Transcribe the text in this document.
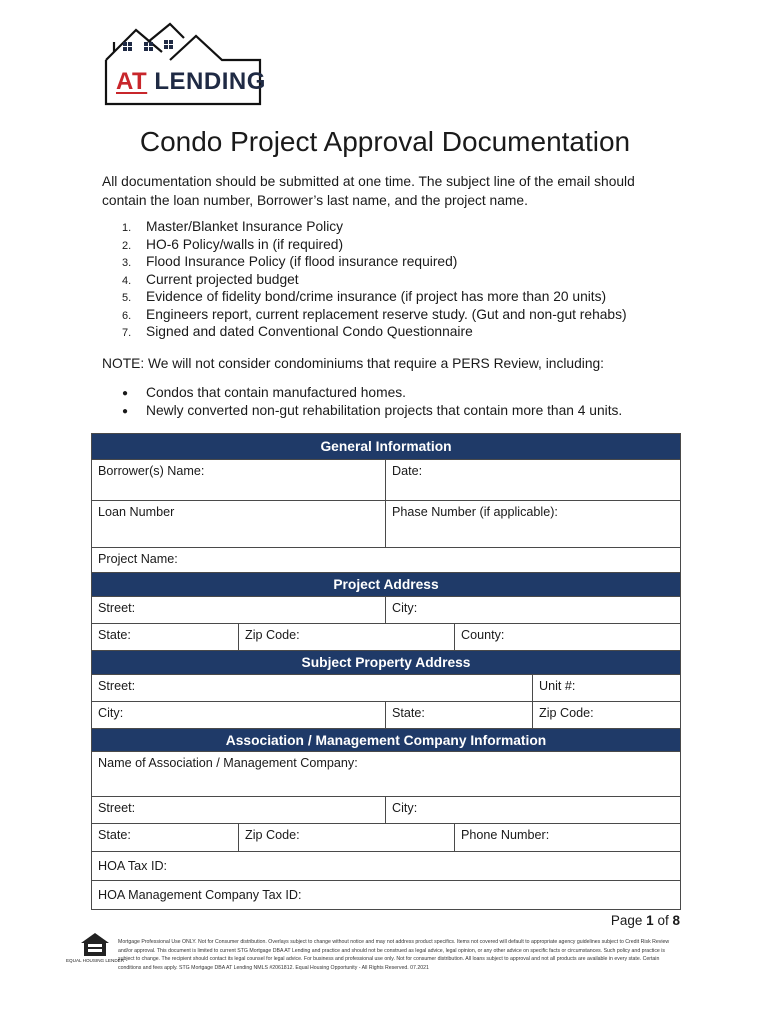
AT LENDING
Condo Project Approval Documentation
All documentation should be submitted at one time. The subject line of the email should contain the loan number, Borrower’s last name, and the project name.
1. Master/Blanket Insurance Policy
2. HO-6 Policy/walls in (if required)
3. Flood Insurance Policy (if flood insurance required)
4. Current projected budget
5. Evidence of fidelity bond/crime insurance (if project has more than 20 units)
6. Engineers report, current replacement reserve study. (Gut and non-gut rehabs)
7. Signed and dated Conventional Condo Questionnaire
NOTE: We will not consider condominiums that require a PERS Review, including:
● Condos that contain manufactured homes.
● Newly converted non-gut rehabilitation projects that contain more than 4 units.
General Information
Borrower(s) Name:	Date:
Loan Number	Phase Number (if applicable):
Project Name:
Project Address
Street:	City:
State:	Zip Code:	County:
Subject Property Address
Street:	Unit #:
City:	State:	Zip Code:
Association / Management Company Information
Name of Association / Management Company:
Street:	City:
State:	Zip Code:	Phone Number:
HOA Tax ID:
HOA Management Company Tax ID:
Page 1 of 8
EQUAL HOUSING LENDER
Mortgage Professional Use ONLY. Not for Consumer distribution. Overlays subject to change without notice and may not address product specifics. Items not covered will default to appropriate agency guidelines subject to Credit Risk Review and/or approval. This document is limited to current STG Mortgage DBA AT Lending and practice and should not be construed as legal advice, legal opinion, or any other advice on specific facts or circumstances. Such policy and practice is subject to change. The recipient should contact its legal counsel for legal advice. For business and professional use only. Not for consumer distribution. All loans subject to approval and not all products are available in every state. Certain conditions and fees apply. STG Mortgage DBA AT Lending NMLS #2061812. Equal Housing Opportunity - All Rights Reserved. 07.2021
